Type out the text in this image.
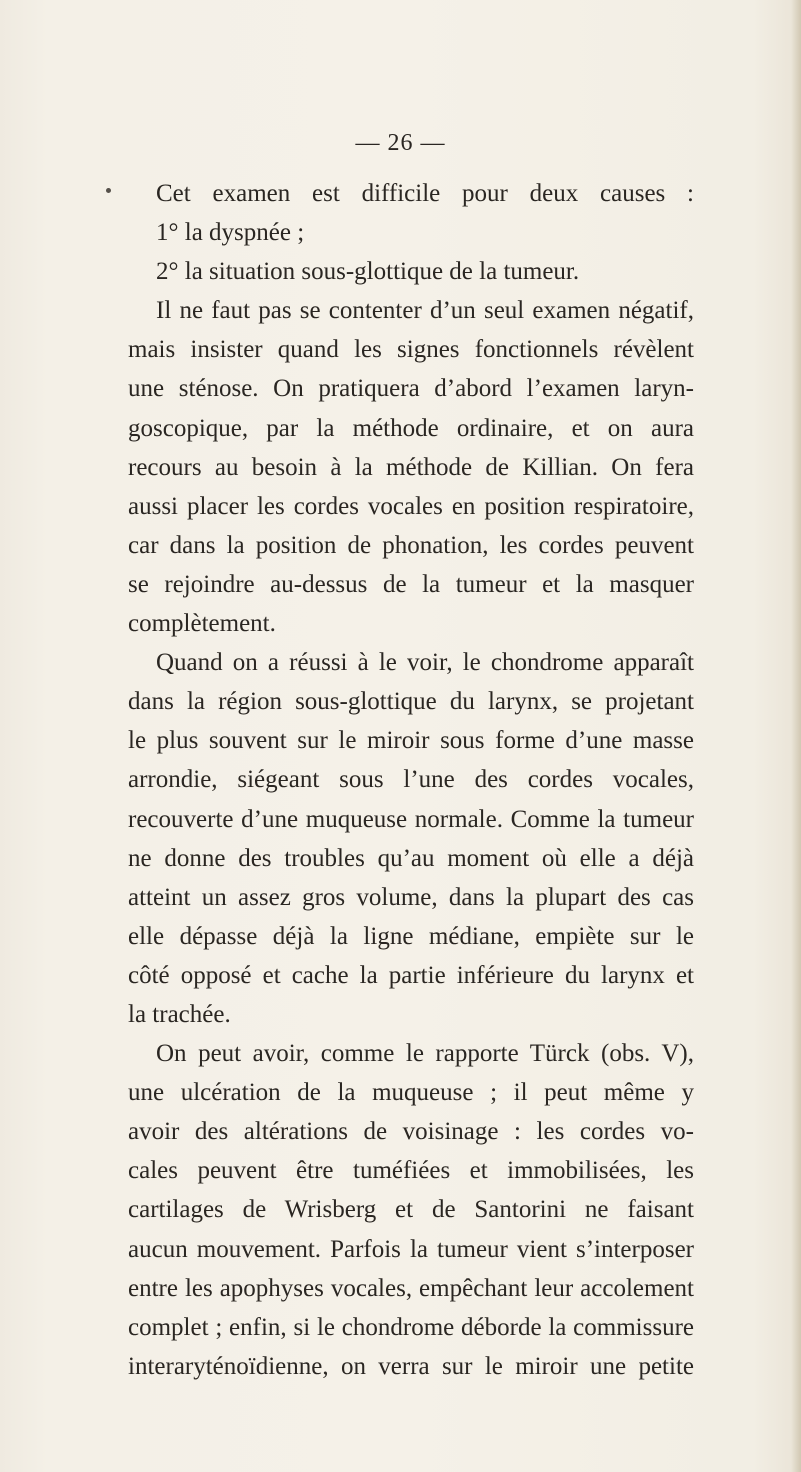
— 26 —
Cet examen est difficile pour deux causes :
1° la dyspnée ;
2° la situation sous-glottique de la tumeur.
Il ne faut pas se contenter d’un seul examen négatif,
mais insister quand les signes fonctionnels révèlent
une sténose. On pratiquera d’abord l’examen laryn-
goscopique, par la méthode ordinaire, et on aura
recours au besoin à la méthode de Killian. On fera
aussi placer les cordes vocales en position respiratoire,
car dans la position de phonation, les cordes peuvent
se rejoindre au-dessus de la tumeur et la masquer
complètement.
Quand on a réussi à le voir, le chondrome apparaît
dans la région sous-glottique du larynx, se projetant
le plus souvent sur le miroir sous forme d’une masse
arrondie, siégeant sous l’une des cordes vocales,
recouverte d’une muqueuse normale. Comme la tumeur
ne donne des troubles qu’au moment où elle a déjà
atteint un assez gros volume, dans la plupart des cas
elle dépasse déjà la ligne médiane, empiète sur le
côté opposé et cache la partie inférieure du larynx et
la trachée.
On peut avoir, comme le rapporte Türck (obs. V),
une ulcération de la muqueuse ; il peut même y
avoir des altérations de voisinage : les cordes vo-
cales peuvent être tuméfiées et immobilisées, les
cartilages de Wrisberg et de Santorini ne faisant
aucun mouvement. Parfois la tumeur vient s’interposer
entre les apophyses vocales, empêchant leur accolement
complet ; enfin, si le chondrome déborde la commissure
interaryténoïdienne, on verra sur le miroir une petite
